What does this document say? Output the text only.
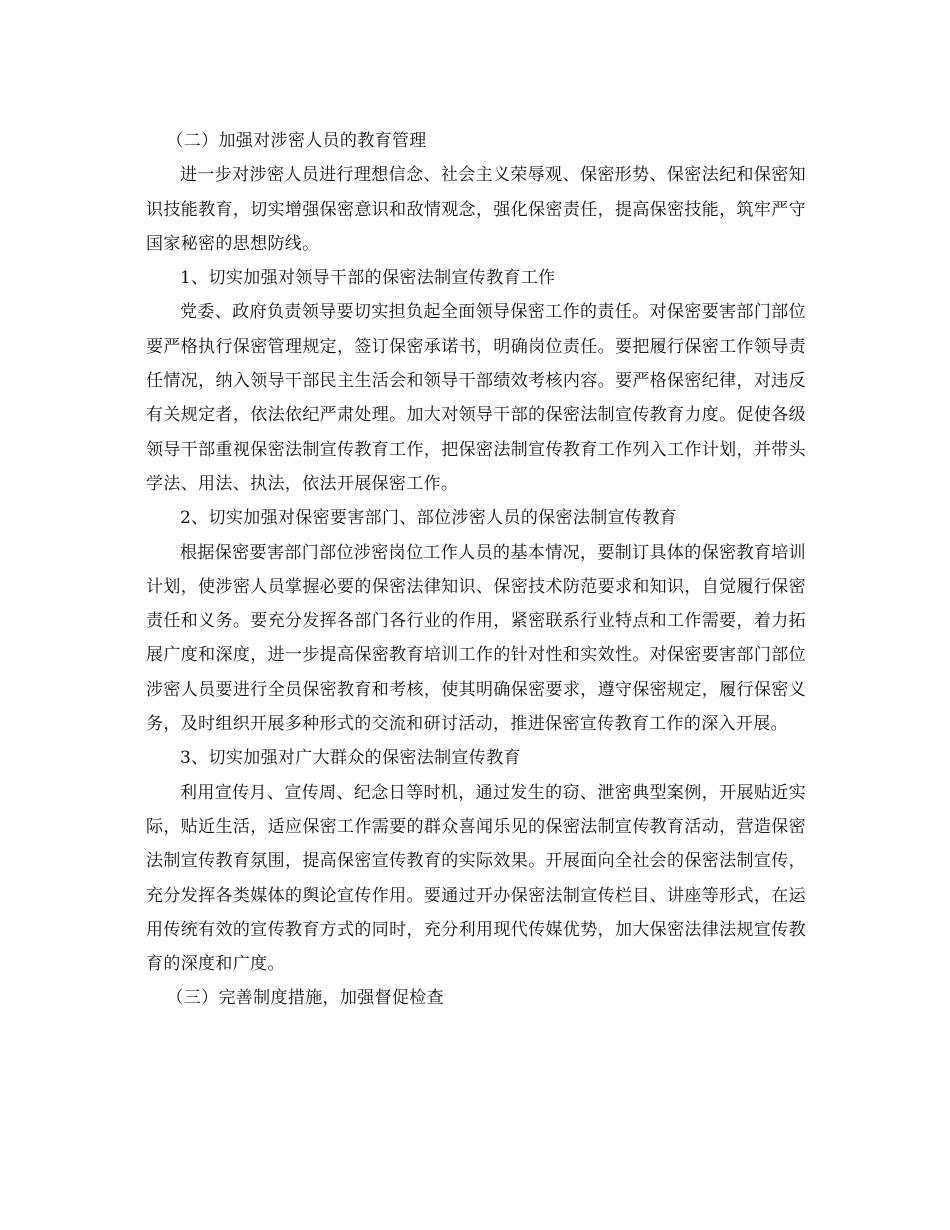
（二）加强对涉密人员的教育管理

进一步对涉密人员进行理想信念、社会主义荣辱观、保密形势、保密法纪和保密知识技能教育，切实增强保密意识和敌情观念，强化保密责任，提高保密技能，筑牢严守国家秘密的思想防线。

1、切实加强对领导干部的保密法制宣传教育工作

党委、政府负责领导要切实担负起全面领导保密工作的责任。对保密要害部门部位要严格执行保密管理规定，签订保密承诺书，明确岗位责任。要把履行保密工作领导责任情况，纳入领导干部民主生活会和领导干部绩效考核内容。要严格保密纪律，对违反有关规定者，依法依纪严肃处理。加大对领导干部的保密法制宣传教育力度。促使各级领导干部重视保密法制宣传教育工作，把保密法制宣传教育工作列入工作计划，并带头学法、用法、执法，依法开展保密工作。

2、切实加强对保密要害部门、部位涉密人员的保密法制宣传教育

根据保密要害部门部位涉密岗位工作人员的基本情况，要制订具体的保密教育培训计划，使涉密人员掌握必要的保密法律知识、保密技术防范要求和知识，自觉履行保密责任和义务。要充分发挥各部门各行业的作用，紧密联系行业特点和工作需要，着力拓展广度和深度，进一步提高保密教育培训工作的针对性和实效性。对保密要害部门部位涉密人员要进行全员保密教育和考核，使其明确保密要求，遵守保密规定，履行保密义务，及时组织开展多种形式的交流和研讨活动，推进保密宣传教育工作的深入开展。

3、切实加强对广大群众的保密法制宣传教育

利用宣传月、宣传周、纪念日等时机，通过发生的窃、泄密典型案例，开展贴近实际，贴近生活，适应保密工作需要的群众喜闻乐见的保密法制宣传教育活动，营造保密法制宣传教育氛围，提高保密宣传教育的实际效果。开展面向全社会的保密法制宣传，充分发挥各类媒体的舆论宣传作用。要通过开办保密法制宣传栏目、讲座等形式，在运用传统有效的宣传教育方式的同时，充分利用现代传媒优势，加大保密法律法规宣传教育的深度和广度。

（三）完善制度措施，加强督促检查
